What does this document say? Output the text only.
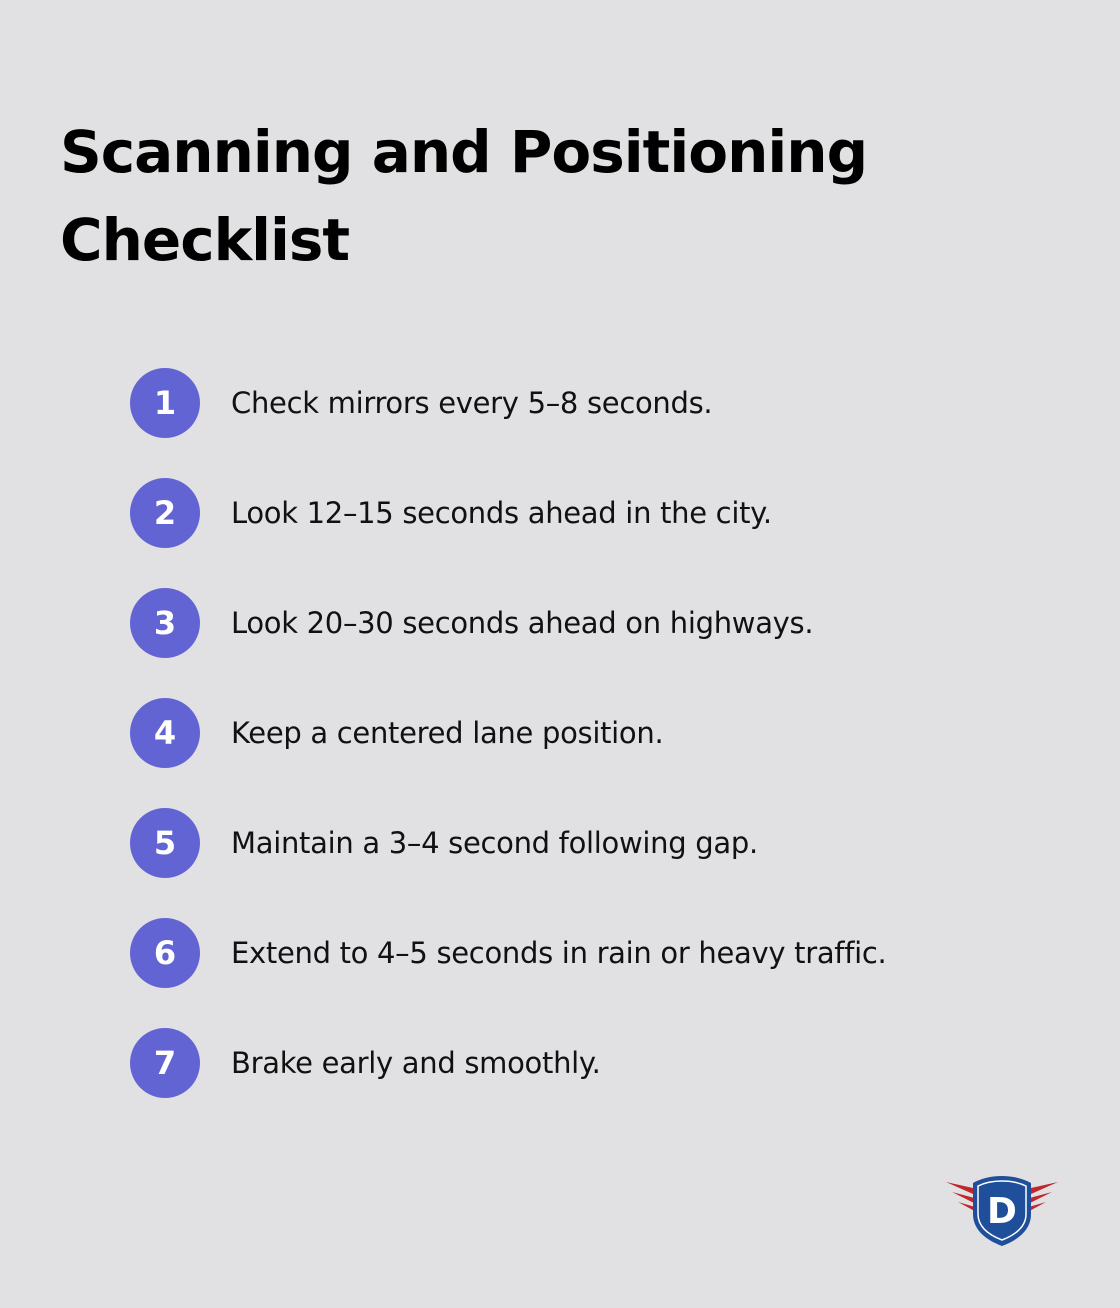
Scanning and Positioning Checklist
1	Check mirrors every 5–8 seconds.
2	Look 12–15 seconds ahead in the city.
3	Look 20–30 seconds ahead on highways.
4	Keep a centered lane position.
5	Maintain a 3–4 second following gap.
6	Extend to 4–5 seconds in rain or heavy traffic.
7	Brake early and smoothly.
D
